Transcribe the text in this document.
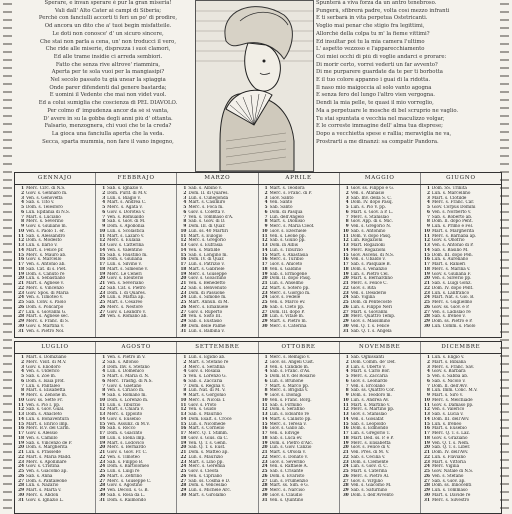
Sperare, e invan sperare è pur la gran miseria!
Vali dall' Alto Cater ai campi di Siberia;
Perché con fanciulli accorti ti ferì un po' di prodire,
Od ancora un dito che a' tuoi begin misfatteile.
Le doti non conosce' d' un sicuro sincere,
Che stai non parla a cena, un' non troducci il vero,
Che ride alle miserie, disprezza i suoi clamori,
Ed alle trame insidie ci arreda sembiori.
Fatto che senza rive altrove' riammira,
Aperta per te sola vuoi per la mangiasipi?
Nel secolo passato tu già unear la spiaggia
Onde parer difendenti dal genere bastarda;
E uomini il Vedente che mai non videt vuol.
Ed a colui sumiglia che coscienza di PEL DIAVOLO.
Per colmo d' impudenza ancor da sé si vanta,
D' avere in su la gobba degli anni più d' ottanta.
Falsario, menzognera, chi vuoi che te la creda?
La gioca una fanciulla aperta che la veda.
Secca, sparta mummia, non fare il vano ingegno,
Spunterà a viva forza da un antro tenebroso.
Pungerà, sfibrerà padre, volta così mezzo infranti
E ti serbarà in vita perpetua Ostetricanti.
Voglio mai penar che stigio fra legittimi,
Allorché della colpa tu m' la fieme vittimi?
Ed insultar poi tu la mia camera l'ultimo
L' aspetto vezzoso e l'apparecchiamento
Coi miei occhi di più di voglie andarci e prorare:
Di morir certo, vorrei vederti un far avvento?
Di me purparere guardate da te per ti borbotta
E il tuo colore appanno i guai di la ridotta.
Il naso mio maigoccia al solo vanto agogna
E senza fero del lungo l'altro vien vergogna.
Dendi la mia pelle, te quasi il mio vorreglio,
Ma a perpetuare le mosche di bel scruprio ne vaglio.
Tu stai spuntata e vecchia nel maculizzo volgar,
E le correste immagine dell' alma tua disprese;
Dopo a vecchietta spese e rallia; meraviglia ne va,
Prostrarti a me dinanzi: sa compatir Pandora.
GENNAJO	FEBBRAJO	MARZO	APRILE	MAGGIO	GIUGNO
1 Merc. Circ. di N.S.
2 Giov. s. Gennaro m.
3 Ven. s. Genoveffa
4 Sab. s. Tito v.
5 Dom. s. Telesforo
6 Lun. Epifania di N.S.
7 Mart. s. Luciano
8 Merc. s. Severino
9 Giov. s. Giuliano m.
10 Ven. s. Paolo 1. er.
11 Sab. s. Alessandro
12 Dom. s. Modesto
13 Lun. s. Ilario v.
14 Mart. s. Felice pr.
15 Merc. s. Mauro ab.
16 Giov. s. Marcello
17 Ven. s. Antonio ab.
18 Sab. Cat. di s. Piet.
19 Dom. s. Canuto re
20 Lun. s. Sebastiano
21 Mart. s. Agnese v.
22 Merc. s. Vincenzo
23 Giov. Spos. di Maria
24 Ven. s. Timoteo v.
25 Sab. Conv. s. Paolo
26 Dom. s. Policarpo
27 Lun. s. Giovanni G.
28 Mart. s. Agnese sec.
29 Merc. s. Franc. di S.
30 Giov. s. Martina v.
31 Ven. s. Pietro Nol.
1 Sab. s. Ignazio v.
2 Dom. Purif. di M.V.
3 Lun. s. Biagio v.
4 Mart. s. Andrea C.
5 Merc. s. Agata v.
6 Giov. s. Dorotea v.
7 Ven. s. Romualdo
8 Sab. s. Giov. di M.
9 Dom. s. Apollonia
10 Lun. s. Scolastica
11 Mart. s. Lazaro v.
12 Merc. s. Eulalia
13 Giov. s. Catterina
14 Ven. s. Valentino
15 Sab. s. Faustino m.
16 Dom. s. Giuliana
17 Lun. s. Silvino v.
18 Mart. s. Simeone v.
19 Merc. Le Ceneri
20 Giov. s. Eleuterio
21 Ven. s. Severiano
22 Sab. Cat. s. Pietro
23 Dom. I. di Quares.
24 Lun. s. Mattia ap.
25 Mart. s. Cesareo
26 Merc. s. Nestore
27 Giov. s. Leandro v.
28 Ven. s. Romano ab.
1 Sab. s. Albino v.
2 Dom. II. di Quares.
3 Lun. s. Cunegonda
4 Mart. s. Casimiro
5 Merc. s. Foca m.
6 Giov. s. Coletta v.
7 Ven. s. Tommaso d'A.
8 Sab. s. Giov. di D.
9 Dom. III. di Quar.
10 Lun. ss. 40 Martiri
11 Mart. s. Eulogio
12 Merc. s. Gregorio
13 Giov. s. Eufrasia
14 Ven. s. Matilde
15 Sab. s. Longino m.
16 Dom. IV. di Quar.
17 Lun. s. Patrizio v.
18 Mart. s. Gabriele
19 Merc. s. Giuseppe
20 Giov. s. Gioachino
21 Ven. s. Benedetto
22 Sab. s. Benvenuto
23 Dom. di Passione
24 Lun. s. Simone m.
25 Mart. Annun. di M.
26 Merc. s. Emanuele
27 Giov. s. Ruperto
28 Ven. s. Sisto III.
29 Sab. s. Eustasio
30 Dom. delle Palme
31 Lun. s. Balbina v.
1 Mart. s. Teodora
2 Merc. s. Franc. di P.
3 Giov. Santo
4 Ven. Santo
5 Sab. Santo
6 Dom. di Pasqua
7 Lun. dell'Angelo
8 Mart. s. Dionisio
9 Merc. s. Maria Cleof.
10 Giov. s. Ezechiele
11 Ven. s. Leone pp.
12 Sab. s. Giulio pp.
13 Dom. in Albis
14 Lun. s. Tiburzio
15 Mart. s. Anastasia
16 Merc. s. Turibio
17 Giov. s. Aniceto
18 Ven. s. Galdino
19 Sab. s. Ermogene
20 Dom. II. dopo Pasq.
21 Lun. s. Anselmo
22 Mart. s. Sotero pp.
23 Merc. s. Giorgio m.
24 Giov. s. Fedele
25 Ven. s. Marco ev.
26 Sab. s. Cleto pp.
27 Dom. III. dopo P.
28 Lun. s. Vitale m.
29 Mart. s. Pietro m.
30 Merc. s. Caterina
1 Giov. ss. Filippo e G.
2 Ven. s. Atanasio
3 Sab. Inv. della S. C.
4 Dom. IV. dopo Pasq.
5 Lun. s. Pio V. pp.
6 Mart. s. Giov. a P. L.
7 Merc. s. Stanislao
8 Giov. App. di s. Mic.
9 Ven. s. Gregorio N.
10 Sab. s. Antonino
11 Dom. V. dopo Pasq.
12 Lun. Rogazioni
13 Mart. Rogazioni
14 Merc. Rogazioni
15 Giov. Ascens. di N.S.
16 Ven. s. Ubaldo v.
17 Sab. s. Pasquale B.
18 Dom. s. Venanzio
19 Lun. s. Pietro Cel.
20 Mart. s. Bernardino
21 Merc. s. Felice C.
22 Giov. s. Rita
23 Ven. s. Desiderio
24 Sab. Vigilia
25 Dom. di Pentecoste
26 Lun. s. Filippo Neri
27 Mart. s. Giovanni
28 Merc. Quattro Temp.
29 Giov. s. Massimino
30 Ven. Q. T. s. Felice
31 Sab. Q. T. s. Angela
1 Dom. SS. Trinità
2 Lun. s. Marcellino
3 Mart. s. Clotilde
4 Merc. s. Franc. Car.
5 Giov. Corpus Domini
6 Ven. s. Norberto v.
7 Sab. s. Roberto ab.
8 Dom. II. dopo Pent.
9 Lun. s. Primo e Fel.
10 Mart. s. Margherita
11 Merc. s. Barnaba ap.
12 Giov. s. Onofrio
13 Ven. s. Antonio di P.
14 Sab. s. Basilio M.
15 Dom. III. dopo Pen.
16 Lun. s. Aureliano
17 Mart. s. Ranieri
18 Merc. s. Marina v.
19 Giov. s. Giuliana F.
20 Ven. s. Silverio pp.
21 Sab. s. Luigi Gonz.
22 Dom. IV. dopo Pent.
23 Lun. s. Lanfranco
24 Mart. Nat. s. Gio. B.
25 Merc. s. Guglielmo
26 Giov. ss. Giov. e P.
27 Ven. s. Ladislao re
28 Sab. s. Ireneo v.
29 Dom. ss. Pietro e P.
30 Lun. Comm. s. Paolo
LUGLIO	AGOSTO	SETTEMBRE	OTTOBRE	NOVEMBRE	DICEMBRE
1 Mart. s. Domiziano
2 Merc. Visit. di M.V.
3 Giov. s. Eliodoro
4 Ven. s. Ulderico
5 Sab. s. Zoe m.
6 Dom. s. Isaia prof.
7 Lun. s. Pantaleo
8 Mart. s. Elisabetta
9 Merc. s. Zenone m.
10 Giov. ss. Sette Fr.
11 Ven. s. Pio I. pp.
12 Sab. s. Giov. Gual.
13 Dom. s. Anacleto
14 Lun. s. Bonaventura
15 Mart. s. Enrico imp.
16 Merc. B.V. del Carm.
17 Giov. s. Alessio
18 Ven. s. Camillo
19 Sab. s. Vincenzo de P.
20 Dom. s. Margherita
21 Lun. s. Prassede
22 Mart. s. Maria Madd.
23 Merc. s. Apollinare
24 Giov. s. Cristina
25 Ven. s. Giacomo ap.
26 Sab. s. Anna
27 Dom. s. Pantaleone
28 Lun. s. Nazario
29 Mart. s. Marta v.
30 Merc. s. Abdon
31 Giov. s. Ignazio L.
1 Ven. s. Pietro in V.
2 Sab. s. Alfonso
3 Dom. Inv. s. Stefano
4 Lun. s. Domenico
5 Mart. s. Maria d. N.
6 Merc. Trasfig. di N.S.
7 Giov. s. Gaetano
8 Ven. s. Ciriaco m.
9 Sab. s. Romano m.
10 Dom. s. Lorenzo m.
11 Lun. s. Tiburzio
12 Mart. s. Chiara v.
13 Merc. s. Ippolito
14 Giov. s. Eusebio
15 Ven. Assunz. di M.V.
16 Sab. s. Rocco
17 Dom. s. Giacinto
18 Lun. s. Elena imp.
19 Mart. s. Lodovico
20 Merc. s. Bernardo
21 Giov. s. Giov. Fr. C.
22 Ven. s. Timoteo
23 Sab. s. Filippo B.
24 Dom. s. Bartolomeo
25 Lun. s. Luigi re
26 Mart. s. Zefirino
27 Merc. s. Giuseppe C.
28 Giov. s. Agostino
29 Ven. Decoll. s. G. B.
30 Sab. s. Rosa da L.
31 Dom. s. Raimondo
1 Lun. s. Egidio ab.
2 Mart. s. Stefano re
3 Merc. s. Serafina
4 Giov. s. Rosalia
5 Ven. s. Lorenzo G.
6 Sab. s. Zaccaria
7 Dom. s. Regina v.
8 Lun. Nat. di M. V.
9 Mart. s. Gorgonio
10 Merc. s. Nicola T.
11 Giov. s. Proto
12 Ven. s. Guido
13 Sab. s. Maurilio
14 Dom. Esalt. s. Croce
15 Lun. s. Nicomede
16 Mart. s. Cornelio
17 Merc. Q. T. Stimm.
18 Giov. s. Gius. da C.
19 Ven. Q. T. s. Genn.
20 Sab. Q. T. s. Eust.
21 Dom. s. Matteo ap.
22 Lun. s. Maurizio
23 Mart. s. Lino pp.
24 Merc. s. Geremia
25 Giov. s. Cleofa
26 Ven. s. Cipriano
27 Sab. ss. Cosma e D.
28 Dom. s. Venceslao
29 Lun. s. Michele Arc.
30 Mart. s. Girolamo
1 Merc. s. Remigio v.
2 Giov. ss. Angeli Cust.
3 Ven. s. Candido m.
4 Sab. s. Franc. d'As.
5 Dom. B.V. del Rosario
6 Lun. s. Brunone
7 Mart. s. Marco pp.
8 Merc. s. Brigida v.
9 Giov. s. Dionigi
10 Ven. s. Franc. Borg.
11 Sab. s. Firmino
12 Dom. s. Serafino
13 Lun. s. Edoardo re
14 Mart. s. Callisto pp.
15 Merc. s. Teresa v.
16 Giov. s. Gallo ab.
17 Ven. s. Edvige
18 Sab. s. Luca ev.
19 Dom. s. Pietro d'Alc.
20 Lun. s. Giov. Canzio
21 Mart. s. Orsola v.
22 Merc. s. Donato v.
23 Giov. s. Severino
24 Ven. s. Raffaele A.
25 Sab. s. Crisante
26 Dom. s. Evaristo
27 Lun. s. Frumenzio
28 Mart. ss. Sim. e G.
29 Merc. s. Narciso
30 Giov. s. Claudio
31 Ven. s. Quintino
1 Sab. Ognissanti
2 Dom. Comm. de' Def.
3 Lun. s. Uberto v.
4 Mart. s. Carlo Bor.
5 Merc. s. Zaccaria
6 Giov. s. Leonardo
7 Ven. s. Ercolano
8 Sab. ss. Quattro Cor.
9 Dom. s. Teodoro m.
10 Lun. s. Andrea Av.
11 Mart. s. Martino v.
12 Merc. s. Martino pp.
13 Giov. s. Stanislao
14 Ven. s. Giosafat
15 Sab. s. Leopoldo
16 Dom. s. Edmondo
17 Lun. s. Gregorio T.
18 Mart. Ded. ss. P. e P.
19 Merc. s. Elisabetta
20 Giov. s. Felice di V.
21 Ven. Pres. di M. V.
22 Sab. s. Cecilia v.
23 Dom. s. Clemente
24 Lun. s. Giov. d. C.
25 Mart. s. Caterina
26 Merc. s. Pietro Al.
27 Giov. s. Virgilio
28 Ven. s. Giacomo M.
29 Sab. s. Saturnino
30 Dom. I. dell'Avvento
1 Lun. s. Eligio v.
2 Mart. s. Bibiana
3 Merc. s. Franc. Sav.
4 Giov. s. Barbara
5 Ven. s. Sabba ab.
6 Sab. s. Nicolò v.
7 Dom. II. dell'Avv.
8 Lun. Imm. Conc. M.V.
9 Mart. s. Siro v.
10 Merc. s. Melchiade
11 Giov. s. Damaso pp.
12 Ven. s. Valerico
13 Sab. s. Lucia v.
14 Dom. III. dell'Avv.
15 Lun. s. Ireneo
16 Mart. s. Eusebio
17 Merc. Q. T. s. Laz.
18 Giov. s. Graziano
19 Ven. Q. T. s. Nem.
20 Sab. Q. T. s. Liber.
21 Dom. IV. dell'Avv.
22 Lun. s. Flaviano
23 Mart. s. Vittoria
24 Merc. Vigilia
25 Giov. Natale di N.S.
26 Ven. s. Stefano
27 Sab. s. Giov. ap.
28 Dom. ss. Innocenti
29 Lun. s. Tommaso
30 Mart. s. Davide re
31 Merc. s. Silvestro
